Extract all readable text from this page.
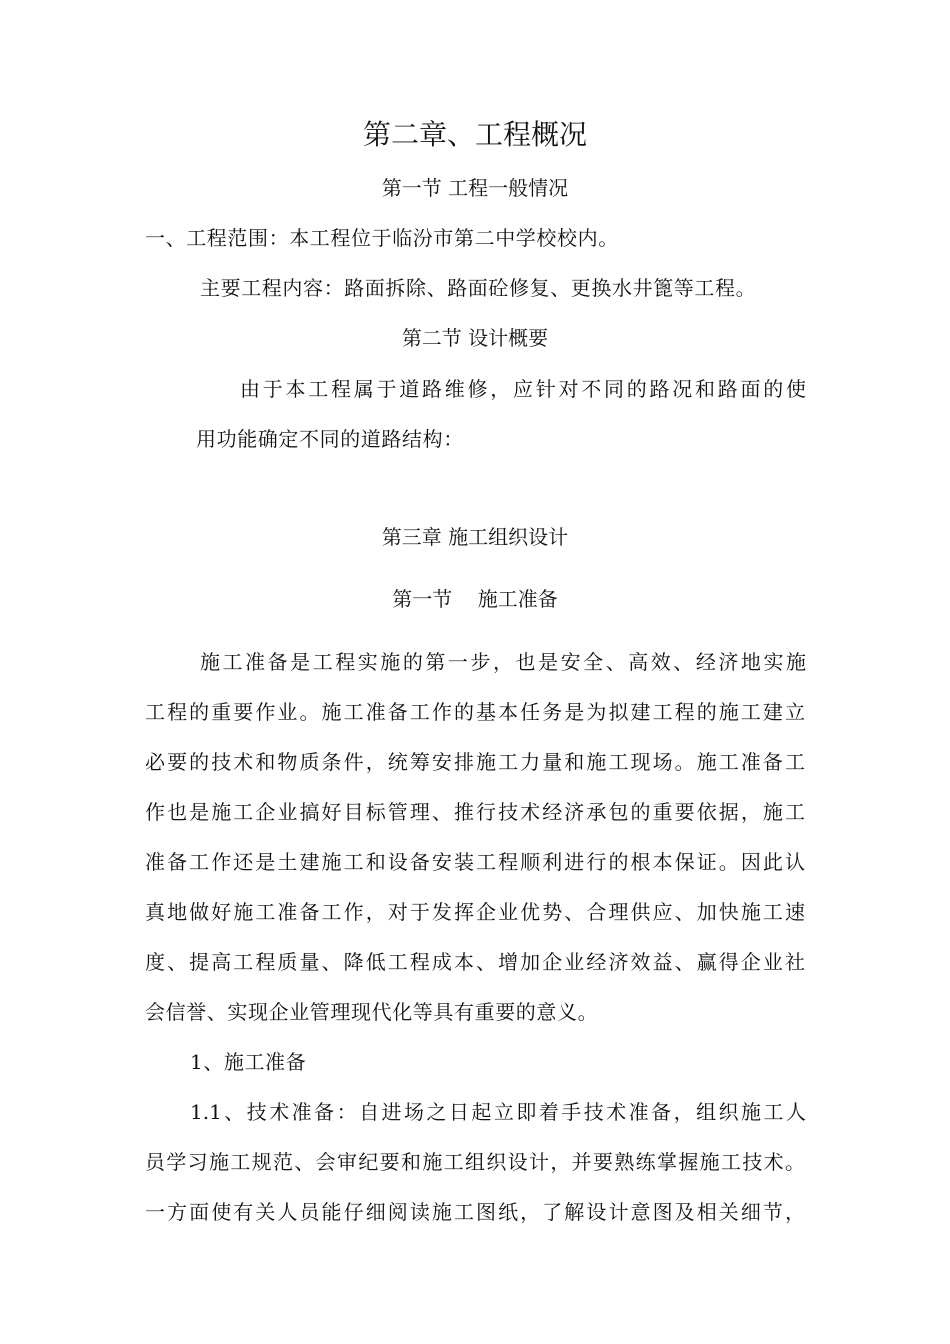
第二章、工程概况
第一节 工程一般情况

一、工程范围：本工程位于临汾市第二中学校校内。

主要工程内容：路面拆除、路面砼修复、更换水井篦等工程。

第二节 设计概要

由于本工程属于道路维修，应针对不同的路况和路面的使

用功能确定不同的道路结构：

第三章 施工组织设计
第一节    施工准备

施工准备是工程实施的第一步，也是安全、高效、经济地实施

工程的重要作业。施工准备工作的基本任务是为拟建工程的施工建立

必要的技术和物质条件，统筹安排施工力量和施工现场。施工准备工

作也是施工企业搞好目标管理、推行技术经济承包的重要依据，施工

准备工作还是土建施工和设备安装工程顺利进行的根本保证。因此认

真地做好施工准备工作，对于发挥企业优势、合理供应、加快施工速

度、提高工程质量、降低工程成本、增加企业经济效益、赢得企业社

会信誉、实现企业管理现代化等具有重要的意义。

1、施工准备

1.1、技术准备：自进场之日起立即着手技术准备，组织施工人

员学习施工规范、会审纪要和施工组织设计，并要熟练掌握施工技术。

一方面使有关人员能仔细阅读施工图纸，了解设计意图及相关细节，
